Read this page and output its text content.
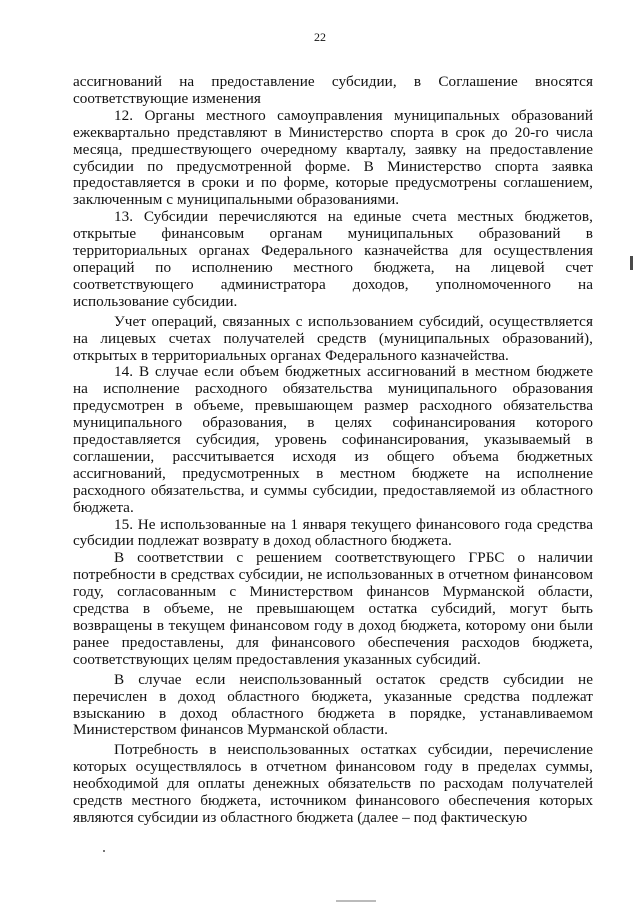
22

ассигнований на предоставление субсидии, в Соглашение вносятся соответствующие изменения

12. Органы местного самоуправления муниципальных образований ежеквартально представляют в Министерство спорта в срок до 20-го числа месяца, предшествующего очередному кварталу, заявку на предоставление субсидии по предусмотренной форме. В Министерство спорта заявка предоставляется в сроки и по форме, которые предусмотрены соглашением, заключенным с муниципальными образованиями.

13. Субсидии перечисляются на единые счета местных бюджетов, открытые финансовым органам муниципальных образований в территориальных органах Федерального казначейства для осуществления операций по исполнению местного бюджета, на лицевой счет соответствующего администратора доходов, уполномоченного на использование субсидии.

Учет операций, связанных с использованием субсидий, осуществляется на лицевых счетах получателей средств (муниципальных образований), открытых в территориальных органах Федерального казначейства.

14. В случае если объем бюджетных ассигнований в местном бюджете на исполнение расходного обязательства муниципального образования предусмотрен в объеме, превышающем размер расходного обязательства муниципального образования, в целях софинансирования которого предоставляется субсидия, уровень софинансирования, указываемый в соглашении, рассчитывается исходя из общего объема бюджетных ассигнований, предусмотренных в местном бюджете на исполнение расходного обязательства, и суммы субсидии, предоставляемой из областного бюджета.

15. Не использованные на 1 января текущего финансового года средства субсидии подлежат возврату в доход областного бюджета.

В соответствии с решением соответствующего ГРБС о наличии потребности в средствах субсидии, не использованных в отчетном финансовом году, согласованным с Министерством финансов Мурманской области, средства в объеме, не превышающем остатка субсидий, могут быть возвращены в текущем финансовом году в доход бюджета, которому они были ранее предоставлены, для финансового обеспечения расходов бюджета, соответствующих целям предоставления указанных субсидий.

В случае если неиспользованный остаток средств субсидии не перечислен в доход областного бюджета, указанные средства подлежат взысканию в доход областного бюджета в порядке, устанавливаемом Министерством финансов Мурманской области.

Потребность в неиспользованных остатках субсидии, перечисление которых осуществлялось в отчетном финансовом году в пределах суммы, необходимой для оплаты денежных обязательств по расходам получателей средств местного бюджета, источником финансового обеспечения которых являются субсидии из областного бюджета (далее – под фактическую
